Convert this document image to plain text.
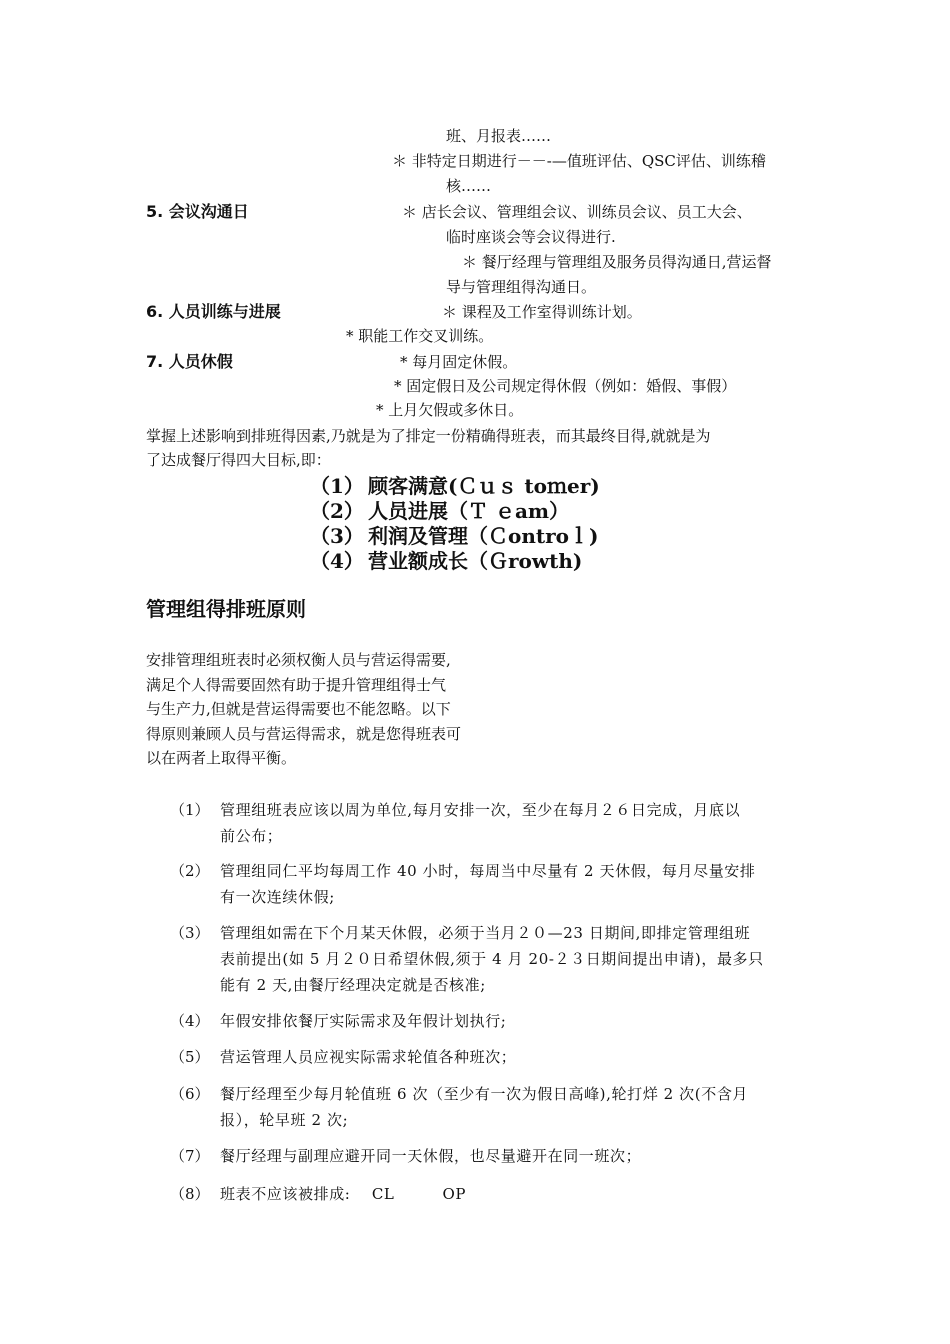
班、月报表……
＊ 非特定日期进行－－-—值班评估、QSC评估、训练稽
核……
5. 会议沟通日	＊ 店长会议、管理组会议、训练员会议、员工大会、
临时座谈会等会议得进行.
＊ 餐厅经理与管理组及服务员得沟通日,营运督
导与管理组得沟通日。
6. 人员训练与进展	＊ 课程及工作室得训练计划。
* 职能工作交叉训练。
7. 人员休假	* 每月固定休假。
* 固定假日及公司规定得休假（例如：婚假、事假）
* 上月欠假或多休日。
掌握上述影响到排班得因素,乃就是为了排定一份精确得班表，而其最终目得,就就是为
了达成餐厅得四大目标,即：
（1） 顾客满意(Ｃｕｓ toｍer)
（2） 人员进展（Ｔ ｅam）
（3） 利润及管理（Ｃontroｌ)
（4） 营业额成长（Ｇrowth)
管理组得排班原则
安排管理组班表时必须权衡人员与营运得需要,
满足个人得需要固然有助于提升管理组得士气
与生产力,但就是营运得需要也不能忽略。以下
得原则兼顾人员与营运得需求，就是您得班表可
以在两者上取得平衡。
（1） 管理组班表应该以周为单位,每月安排一次，至少在每月２６日完成，月底以
前公布；
（2） 管理组同仁平均每周工作 40 小时，每周当中尽量有 2 天休假，每月尽量安排
有一次连续休假;
（3） 管理组如需在下个月某天休假，必须于当月２０—23 日期间,即排定管理组班
表前提出(如 5 月２０日希望休假,须于 4 月 20-２３日期间提出申请)，最多只
能有 2 天,由餐厅经理决定就是否核准;
（4） 年假安排依餐厅实际需求及年假计划执行;
（5） 营运管理人员应视实际需求轮值各种班次；
（6） 餐厅经理至少每月轮值班 6 次（至少有一次为假日高峰),轮打烊 2 次(不含月
报），轮早班 2 次;
（7） 餐厅经理与副理应避开同一天休假，也尽量避开在同一班次；
（8） 班表不应该被排成: CL	OP
